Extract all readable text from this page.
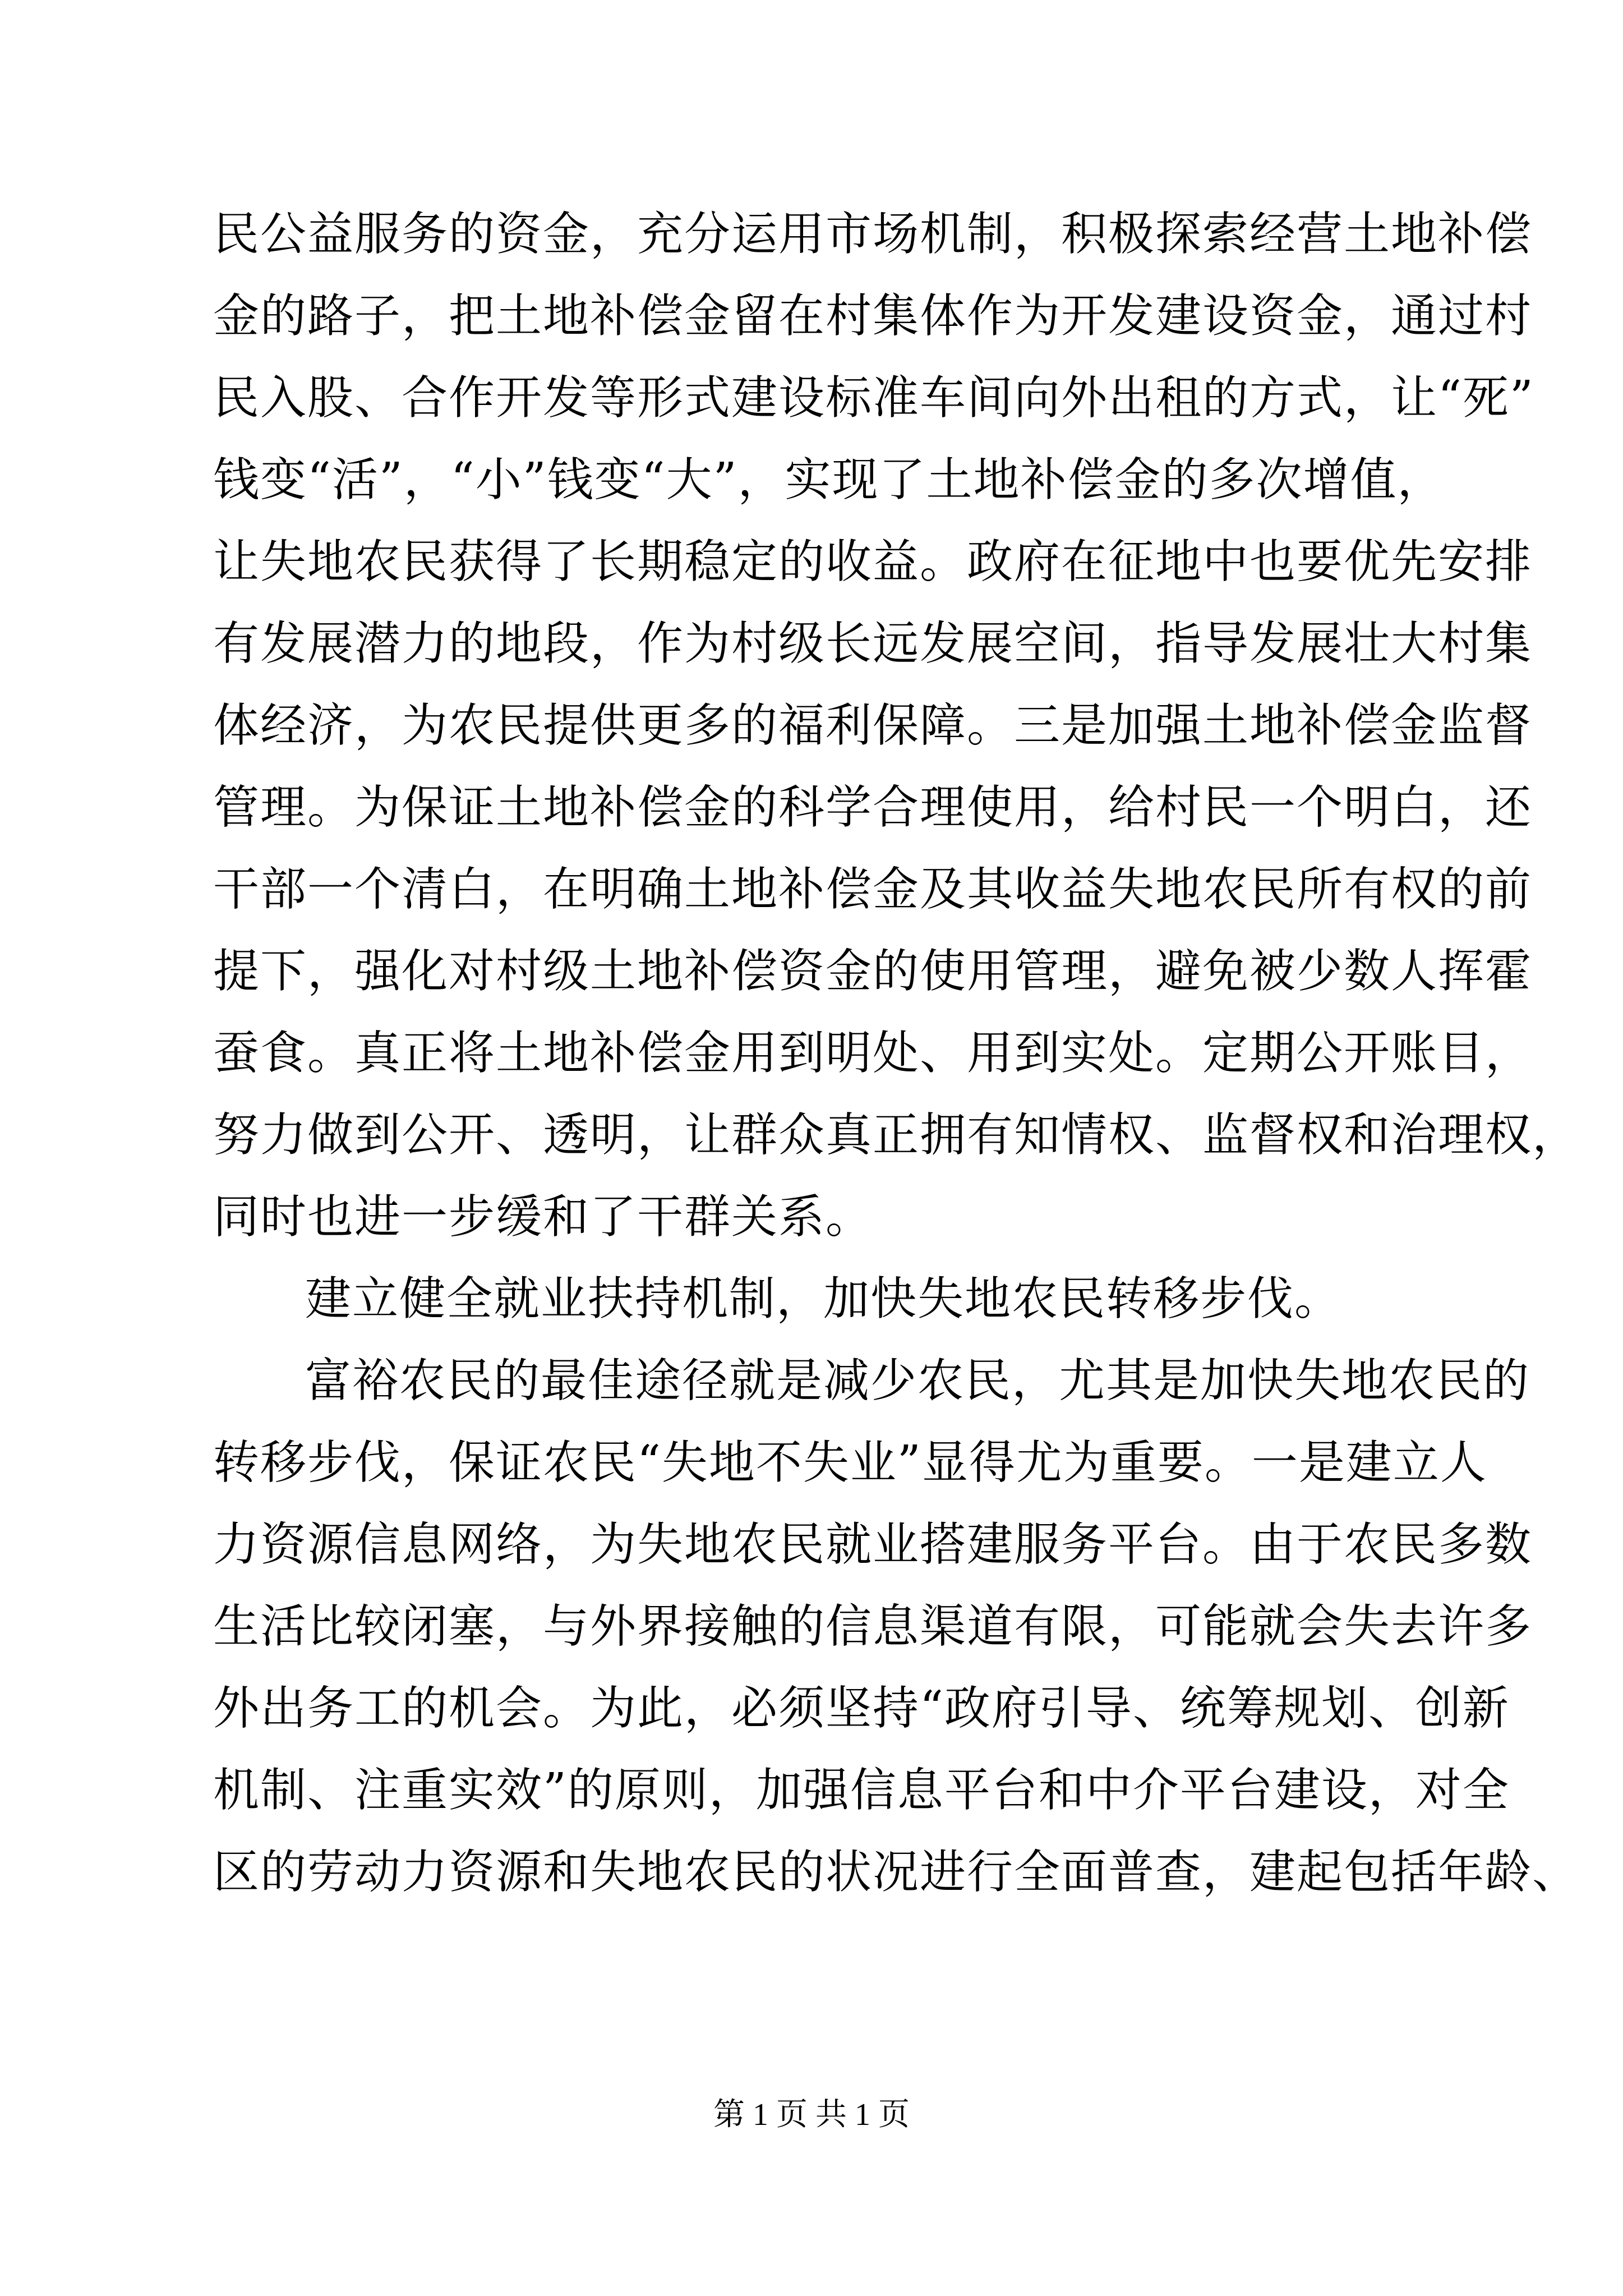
民公益服务的资金，充分运用市场机制，积极探索经营土地补偿
金的路子，把土地补偿金留在村集体作为开发建设资金，通过村
民入股、合作开发等形式建设标准车间向外出租的方式，让“死”
钱变“活”，“小”钱变“大”，实现了土地补偿金的多次增值，
让失地农民获得了长期稳定的收益。政府在征地中也要优先安排
有发展潜力的地段，作为村级长远发展空间，指导发展壮大村集
体经济，为农民提供更多的福利保障。三是加强土地补偿金监督
管理。为保证土地补偿金的科学合理使用，给村民一个明白，还
干部一个清白，在明确土地补偿金及其收益失地农民所有权的前
提下，强化对村级土地补偿资金的使用管理，避免被少数人挥霍
蚕食。真正将土地补偿金用到明处、用到实处。定期公开账目，
努力做到公开、透明，让群众真正拥有知情权、监督权和治理权，
同时也进一步缓和了干群关系。
建立健全就业扶持机制，加快失地农民转移步伐。
富裕农民的最佳途径就是减少农民，尤其是加快失地农民的
转移步伐，保证农民“失地不失业”显得尤为重要。一是建立人
力资源信息网络，为失地农民就业搭建服务平台。由于农民多数
生活比较闭塞，与外界接触的信息渠道有限，可能就会失去许多
外出务工的机会。为此，必须坚持“政府引导、统筹规划、创新
机制、注重实效”的原则，加强信息平台和中介平台建设，对全
区的劳动力资源和失地农民的状况进行全面普查，建起包括年龄、
第 1 页 共 1 页
